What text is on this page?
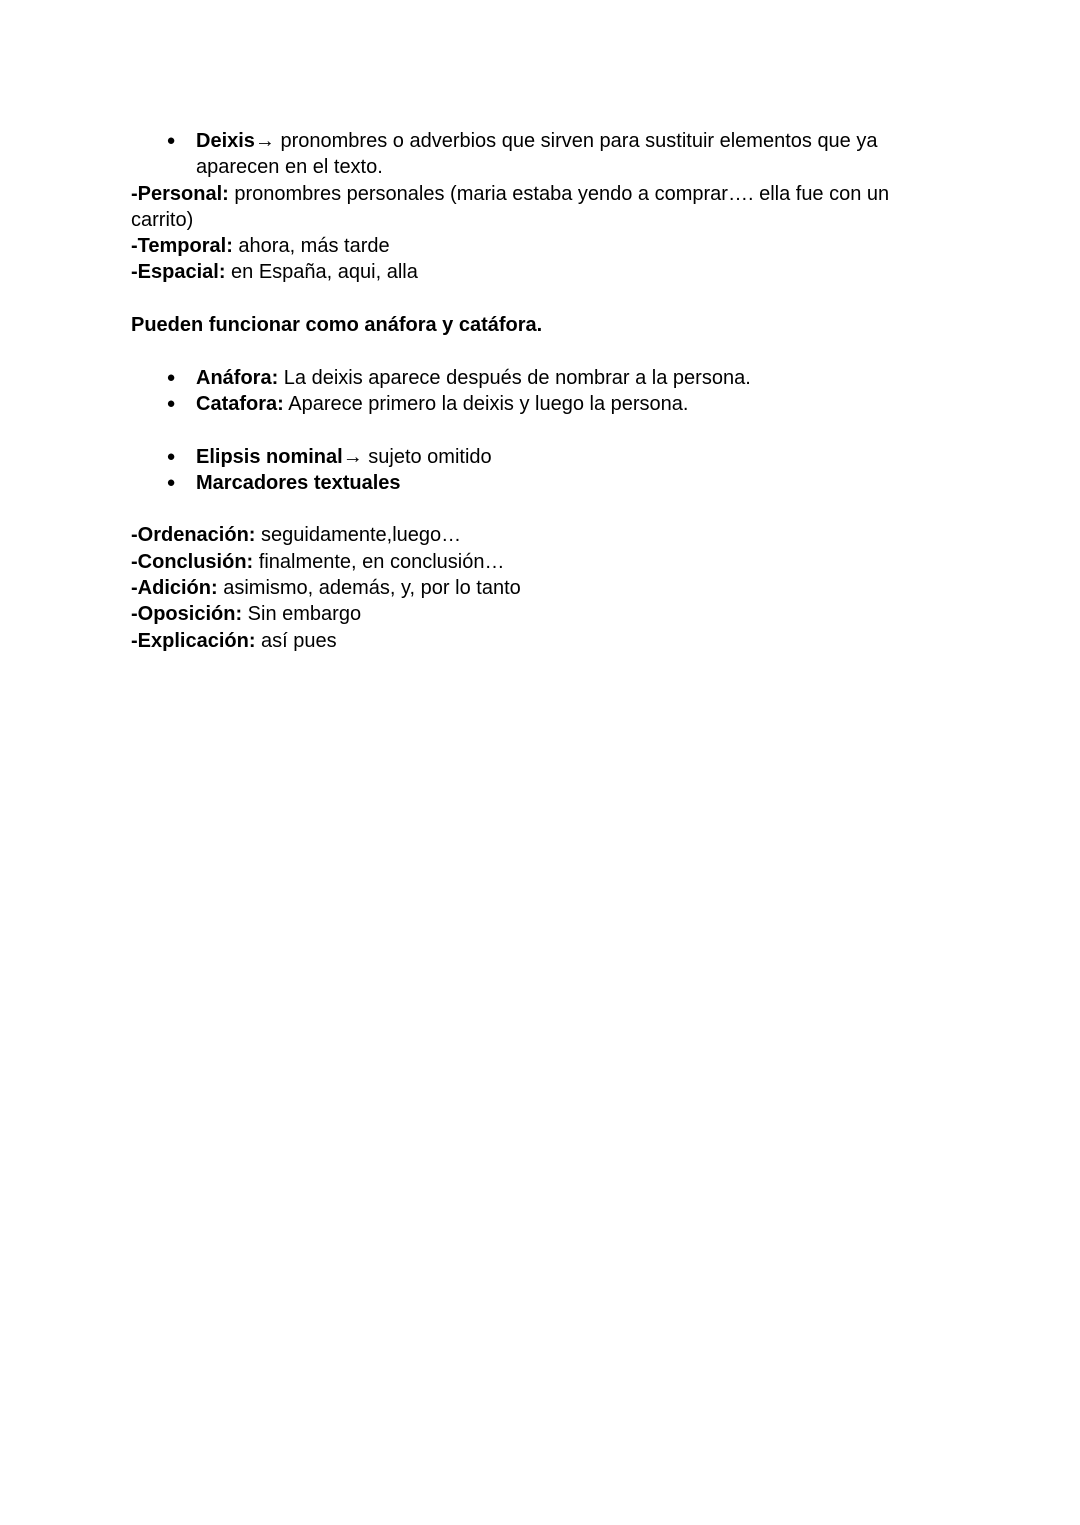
● Deixis→ pronombres o adverbios que sirven para sustituir elementos que ya aparecen en el texto.

-Personal: pronombres personales (maria estaba yendo a comprar…. ella fue con un carrito)

-Temporal: ahora, más tarde

-Espacial: en España, aqui, alla

Pueden funcionar como anáfora y catáfora.

● Anáfora: La deixis aparece después de nombrar a la persona.
● Catafora: Aparece primero la deixis y luego la persona.
● Elipsis nominal→ sujeto omitido
● Marcadores textuales

-Ordenación: seguidamente,luego…

-Conclusión: finalmente, en conclusión…

-Adición: asimismo, además, y, por lo tanto

-Oposición: Sin embargo

-Explicación: así pues
